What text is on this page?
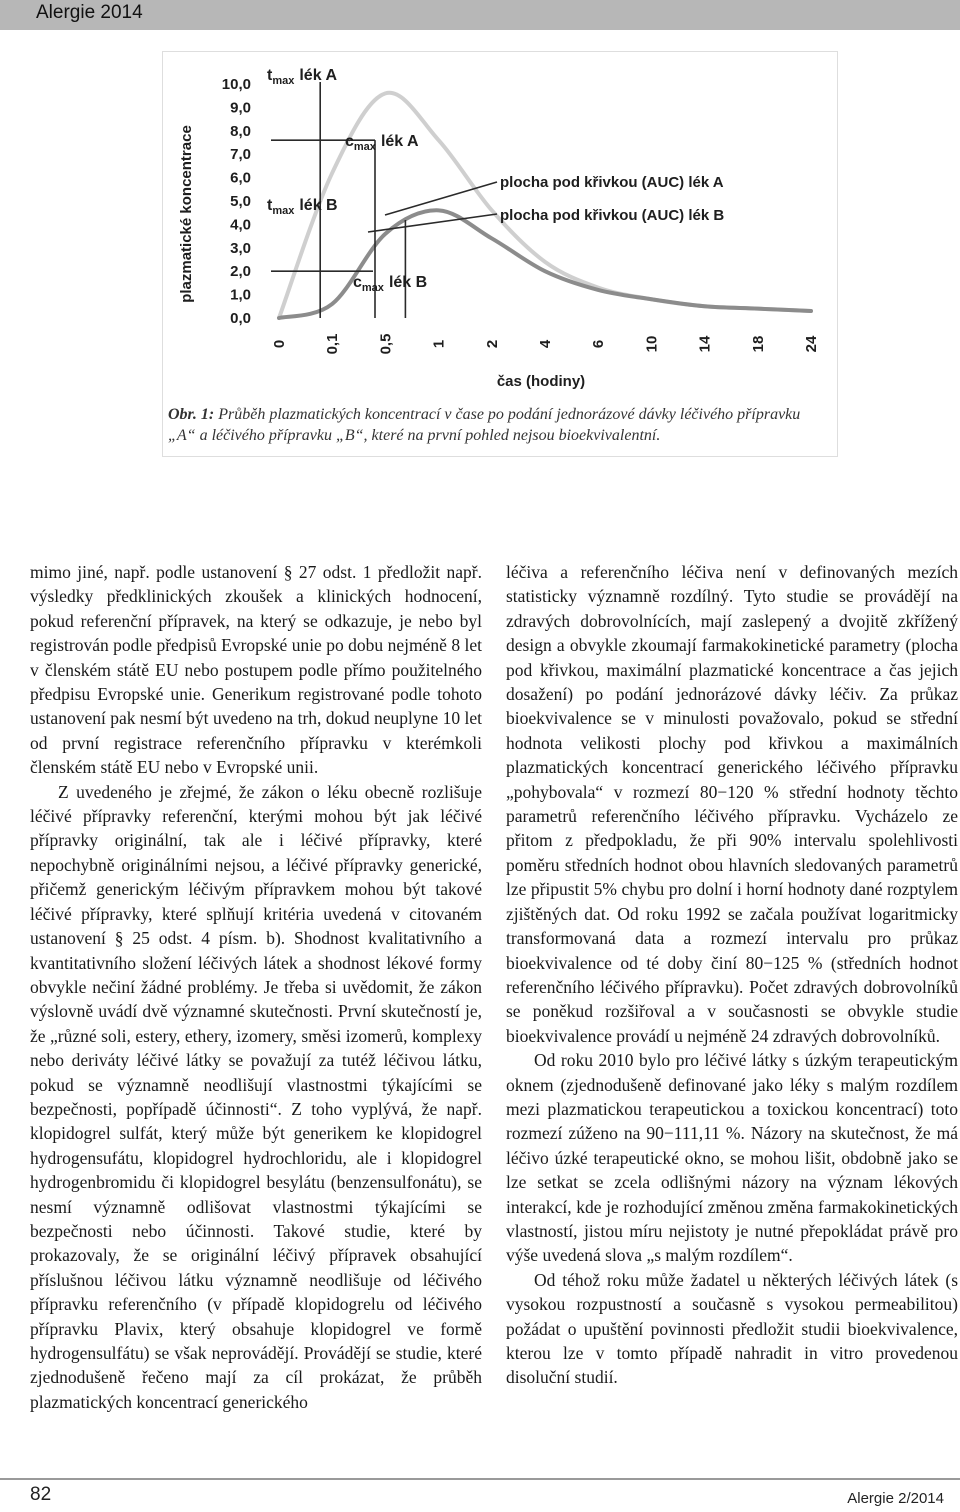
Alergie 2014
plazmatické koncentrace
10,0
9,0
8,0
7,0
6,0
5,0
4,0
3,0
2,0
1,0
0,0
0 0,1 0,5 1 2 4 6 10 14 18 24
čas (hodiny)
$t_{max}$ lék A
$c_{max}$ lék A
$t_{max}$ lék B
$c_{max}$ lék B
plocha pod křivkou (AUC) lék A
plocha pod křivkou (AUC) lék B
Obr. 1: Průběh plazmatických koncentrací v čase po podání jednorázové dávky léčivého přípravku „A“ a léčivého přípravku „B“, které na první pohled nejsou bioekvivalentní.

mimo jiné, např. podle ustanovení § 27 odst. 1 předložit např. výsledky předklinických zkoušek a klinických hodnocení, pokud referenční přípravek, na který se odkazuje, je nebo byl registrován podle předpisů Evropské unie po dobu nejméně 8 let v členském státě EU nebo postupem podle přímo použitelného předpisu Evropské unie. Generikum registrované podle tohoto ustanovení pak nesmí být uvedeno na trh, dokud neuplyne 10 let od první registrace referenčního přípravku v kterémkoli členském státě EU nebo v Evropské unii.

Z uvedeného je zřejmé, že zákon o léku obecně rozlišuje léčivé přípravky referenční, kterými mohou být jak léčivé přípravky originální, tak ale i léčivé přípravky, které nepochybně originálními nejsou, a léčivé přípravky generické, přičemž generickým léčivým přípravkem mohou být takové léčivé přípravky, které splňují kritéria uvedená v citovaném ustanovení § 25 odst. 4 písm. b). Shodnost kvalitativního a kvantitativního složení léčivých látek a shodnost lékové formy obvykle nečiní žádné problémy. Je třeba si uvědomit, že zákon výslovně uvádí dvě významné skutečnosti. První skutečností je, že „různé soli, estery, ethery, izomery, směsi izomerů, komplexy nebo deriváty léčivé látky se považují za tutéž léčivou látku, pokud se významně neodlišují vlastnostmi týkajícími se bezpečnosti, popřípadě účinnosti“. Z toho vyplývá, že např. klopidogrel sulfát, který může být generikem ke klopidogrel hydrogensufátu, klopidogrel hydrochloridu, ale i klopidogrel hydrogenbromidu či klopidogrel besylátu (benzensulfonátu), se nesmí významně odlišovat vlastnostmi týkajícími se bezpečnosti nebo účinnosti. Takové studie, které by prokazovaly, že se originální léčivý přípravek obsahující příslušnou léčivou látku významně neodlišuje od léčivého přípravku referenčního (v případě klopidogrelu od léčivého přípravku Plavix, který obsahuje klopidogrel ve formě hydrogensulfátu) se však neprovádějí. Provádějí se studie, které zjednodušeně řečeno mají za cíl prokázat, že průběh plazmatických koncentrací generického

léčiva a referenčního léčiva není v definovaných mezích statisticky významně rozdílný. Tyto studie se provádějí na zdravých dobrovolnících, mají zaslepený a dvojitě zkřížený design a obvykle zkoumají farmakokinetické parametry (plocha pod křivkou, maximální plazmatické koncentrace a čas jejich dosažení) po podání jednorázové dávky léčiv. Za průkaz bioekvivalence se v minulosti považovalo, pokud se střední hodnota velikosti plochy pod křivkou a maximálních plazmatických koncentrací generického léčivého přípravku „pohybovala“ v rozmezí 80−120 % střední hodnoty těchto parametrů referenčního léčivého přípravku. Vycházelo ze přitom z předpokladu, že při 90% intervalu spolehlivosti poměru středních hodnot obou hlavních sledovaných parametrů lze připustit 5% chybu pro dolní i horní hodnoty dané rozptylem zjištěných dat. Od roku 1992 se začala používat logaritmicky transformovaná data a rozmezí intervalu pro průkaz bioekvivalence od té doby činí 80−125 % (středních hodnot referenčního léčivého přípravku). Počet zdravých dobrovolníků se poněkud rozšiřoval a v současnosti se obvykle studie bioekvivalence provádí u nejméně 24 zdravých dobrovolníků.

Od roku 2010 bylo pro léčivé látky s úzkým terapeutickým oknem (zjednodušeně definované jako léky s malým rozdílem mezi plazmatickou terapeutickou a toxickou koncentrací) toto rozmezí zúženo na 90−111,11 %. Názory na skutečnost, že má léčivo úzké terapeutické okno, se mohou lišit, obdobně jako se lze setkat se zcela odlišnými názory na význam lékových interakcí, kde je rozhodující změnou změna farmakokinetických vlastností, jistou míru nejistoty je nutné přepokládat právě pro výše uvedená slova „s malým rozdílem“.

Od téhož roku může žadatel u některých léčivých látek (s vysokou rozpustností a současně s vysokou permeabilitou) požádat o upuštění povinnosti předložit studii bioekvivalence, kterou lze v tomto případě nahradit in vitro provedenou disoluční studií.

82	Alergie 2/2014
